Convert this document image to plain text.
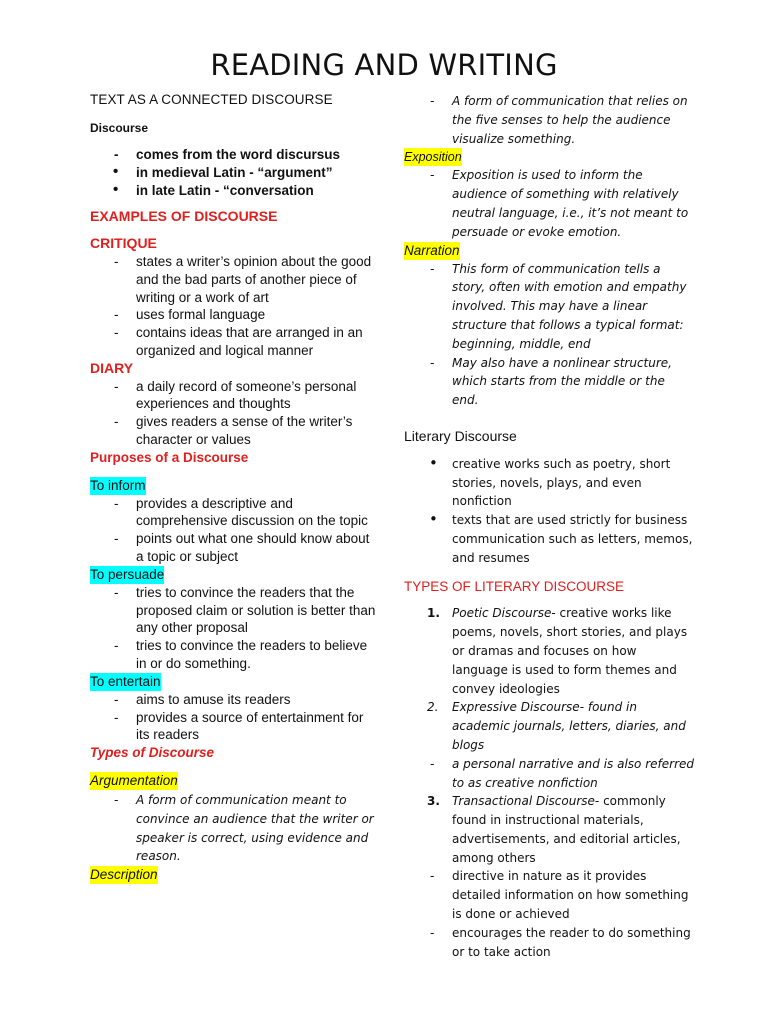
READING AND WRITING
TEXT AS A CONNECTED DISCOURSE
Discourse
- comes from the word discursus
• in medieval Latin - “argument”
• in late Latin - “conversation
EXAMPLES OF DISCOURSE
CRITIQUE
- states a writer’s opinion about the good and the bad parts of another piece of writing or a work of art
- uses formal language
- contains ideas that are arranged in an organized and logical manner
DIARY
- a daily record of someone’s personal experiences and thoughts
- gives readers a sense of the writer’s character or values
Purposes of a Discourse
To inform
- provides a descriptive and comprehensive discussion on the topic
- points out what one should know about a topic or subject
To persuade
- tries to convince the readers that the proposed claim or solution is better than any other proposal
- tries to convince the readers to believe in or do something.
To entertain
- aims to amuse its readers
- provides a source of entertainment for its readers
Types of Discourse
Argumentation
- A form of communication meant to convince an audience that the writer or speaker is correct, using evidence and reason.
Description
- A form of communication that relies on the five senses to help the audience visualize something.
Exposition
- Exposition is used to inform the audience of something with relatively neutral language, i.e., it’s not meant to persuade or evoke emotion.
Narration
- This form of communication tells a story, often with emotion and empathy involved. This may have a linear structure that follows a typical format: beginning, middle, end
- May also have a nonlinear structure, which starts from the middle or the end.
Literary Discourse
• creative works such as poetry, short stories, novels, plays, and even nonfiction
• texts that are used strictly for business communication such as letters, memos, and resumes
TYPES OF LITERARY DISCOURSE
1. Poetic Discourse- creative works like poems, novels, short stories, and plays or dramas and focuses on how language is used to form themes and convey ideologies
2. Expressive Discourse- found in academic journals, letters, diaries, and blogs
- a personal narrative and is also referred to as creative nonfiction
3. Transactional Discourse- commonly found in instructional materials, advertisements, and editorial articles, among others
- directive in nature as it provides detailed information on how something is done or achieved
- encourages the reader to do something or to take action
